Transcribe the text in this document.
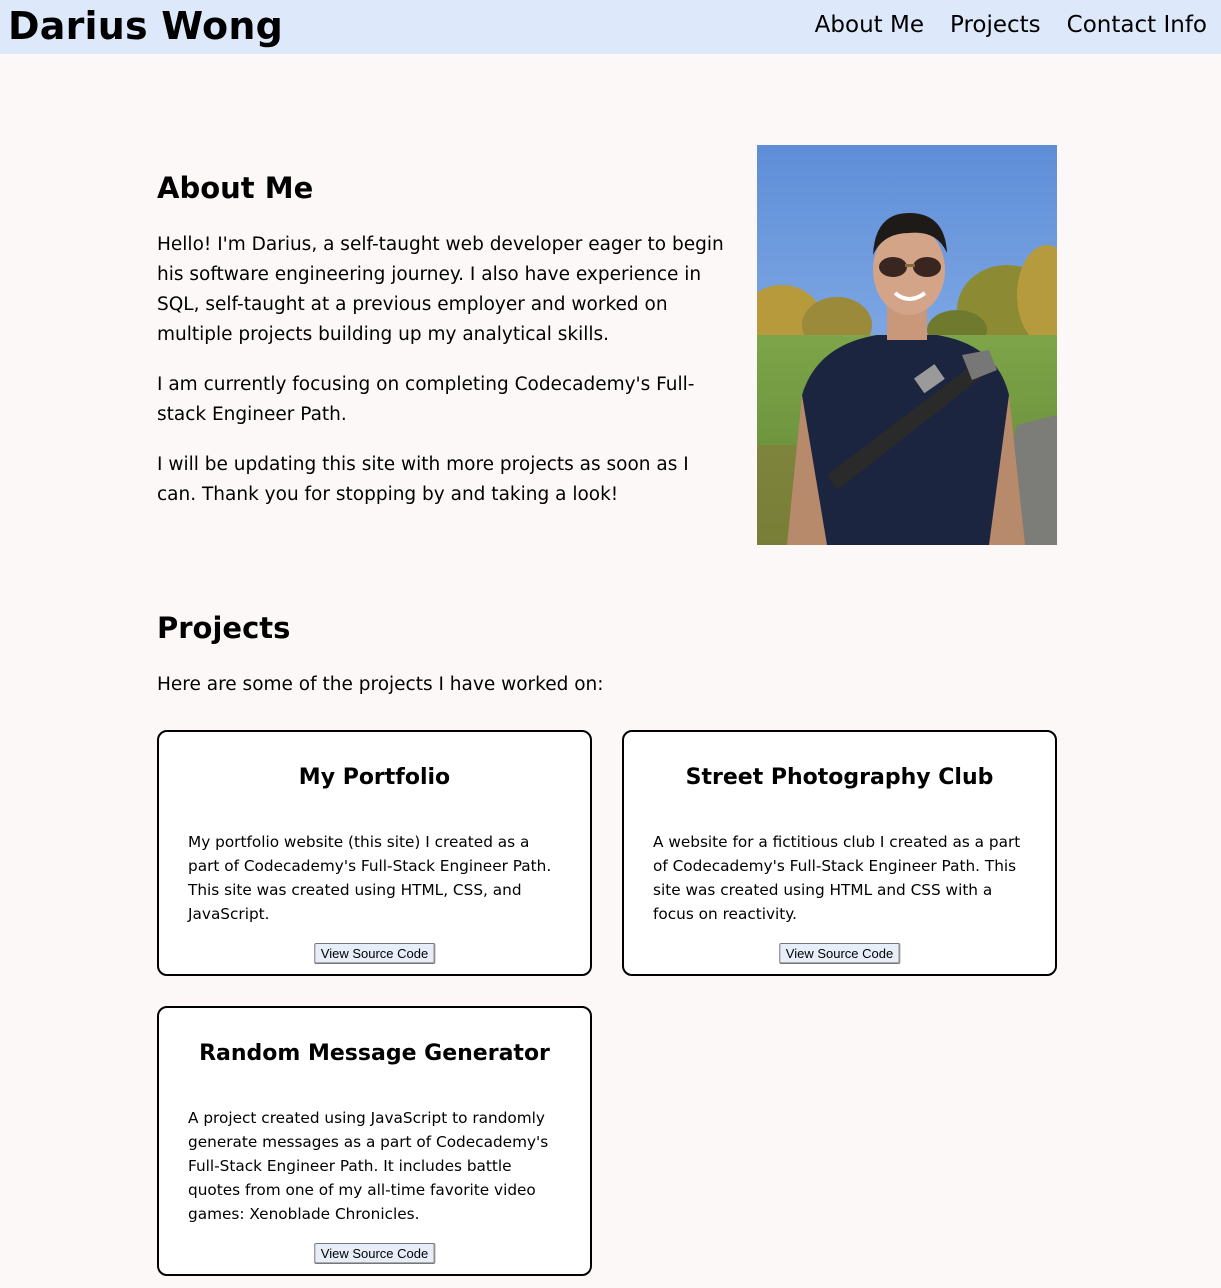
Darius Wong	About Me Projects Contact Info
About Me

Hello! I'm Darius, a self-taught web developer eager to begin his software engineering journey. I also have experience in SQL, self-taught at a previous employer and worked on multiple projects building up my analytical skills.

I am currently focusing on completing Codecademy's Full-stack Engineer Path.

I will be updating this site with more projects as soon as I can. Thank you for stopping by and taking a look!

Projects

Here are some of the projects I have worked on:

My Portfolio

My portfolio website (this site) I created as a part of Codecademy's Full-Stack Engineer Path. This site was created using HTML, CSS, and JavaScript.

View Source Code
Street Photography Club

A website for a fictitious club I created as a part of Codecademy's Full-Stack Engineer Path. This site was created using HTML and CSS with a focus on reactivity.

View Source Code
Random Message Generator

A project created using JavaScript to randomly generate messages as a part of Codecademy's Full-Stack Engineer Path. It includes battle quotes from one of my all-time favorite video games: Xenoblade Chronicles.

View Source Code
